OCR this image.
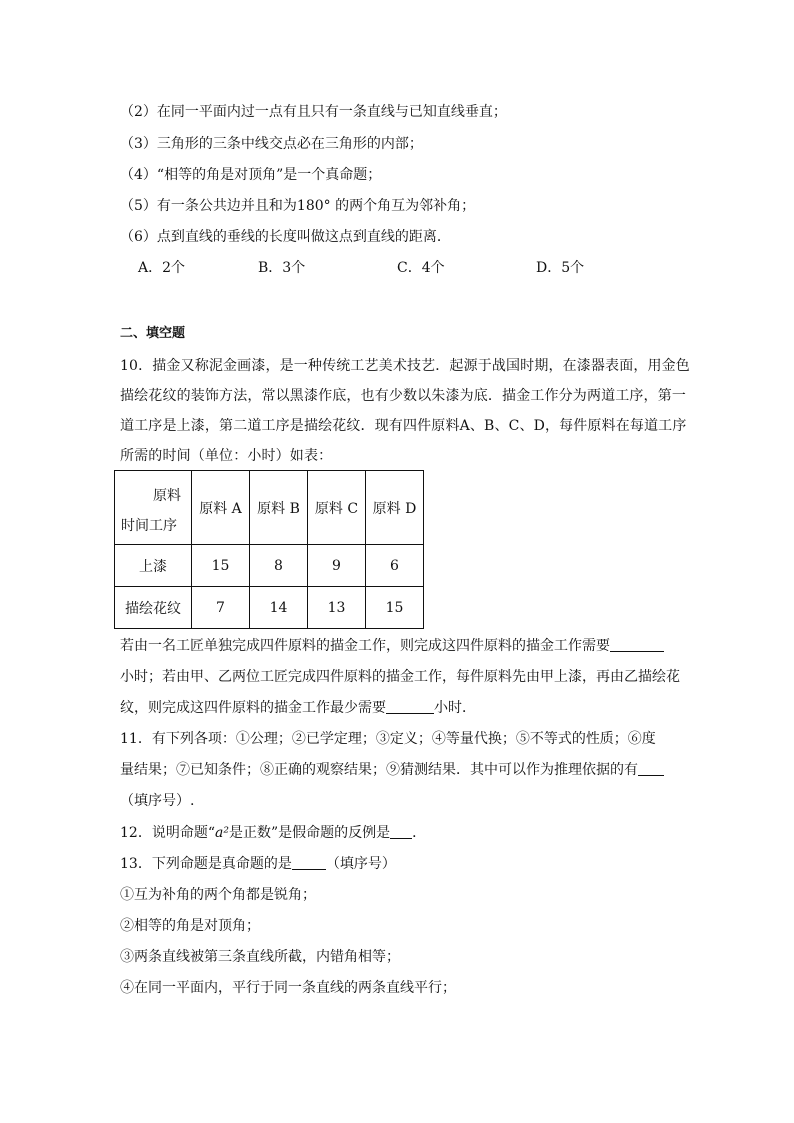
（2）在同一平面内过一点有且只有一条直线与已知直线垂直；
（3）三角形的三条中线交点必在三角形的内部；
（4）“相等的角是对顶角”是一个真命题；
（5）有一条公共边并且和为180° 的两个角互为邻补角；
（6）点到直线的垂线的长度叫做这点到直线的距离．
A．2个	B．3个	C．4个	D．5个
二、填空题
10．描金又称泥金画漆，是一种传统工艺美术技艺．起源于战国时期，在漆器表面，用金色
描绘花纹的装饰方法，常以黑漆作底，也有少数以朱漆为底．描金工作分为两道工序，第一
道工序是上漆，第二道工序是描绘花纹．现有四件原料A、B、C、D，每件原料在每道工序
所需的时间（单位：小时）如表：
原料
时间工序	原料 A	原料 B	原料 C	原料 D
上漆	15	8	9	6
描绘花纹	7	14	13	15
若由一名工匠单独完成四件原料的描金工作，则完成这四件原料的描金工作需要
小时；若由甲、乙两位工匠完成四件原料的描金工作，每件原料先由甲上漆，再由乙描绘花
纹，则完成这四件原料的描金工作最少需要	小时．
11．有下列各项：①公理；②已学定理；③定义；④等量代换；⑤不等式的性质；⑥度
量结果；⑦已知条件；⑧正确的观察结果；⑨猜测结果．其中可以作为推理依据的有
（填序号）.
12．说明命题“a²是正数”是假命题的反例是 ．
13．下列命题是真命题的是 （填序号）
①互为补角的两个角都是锐角；
②相等的角是对顶角；
③两条直线被第三条直线所截，内错角相等；
④在同一平面内，平行于同一条直线的两条直线平行；
